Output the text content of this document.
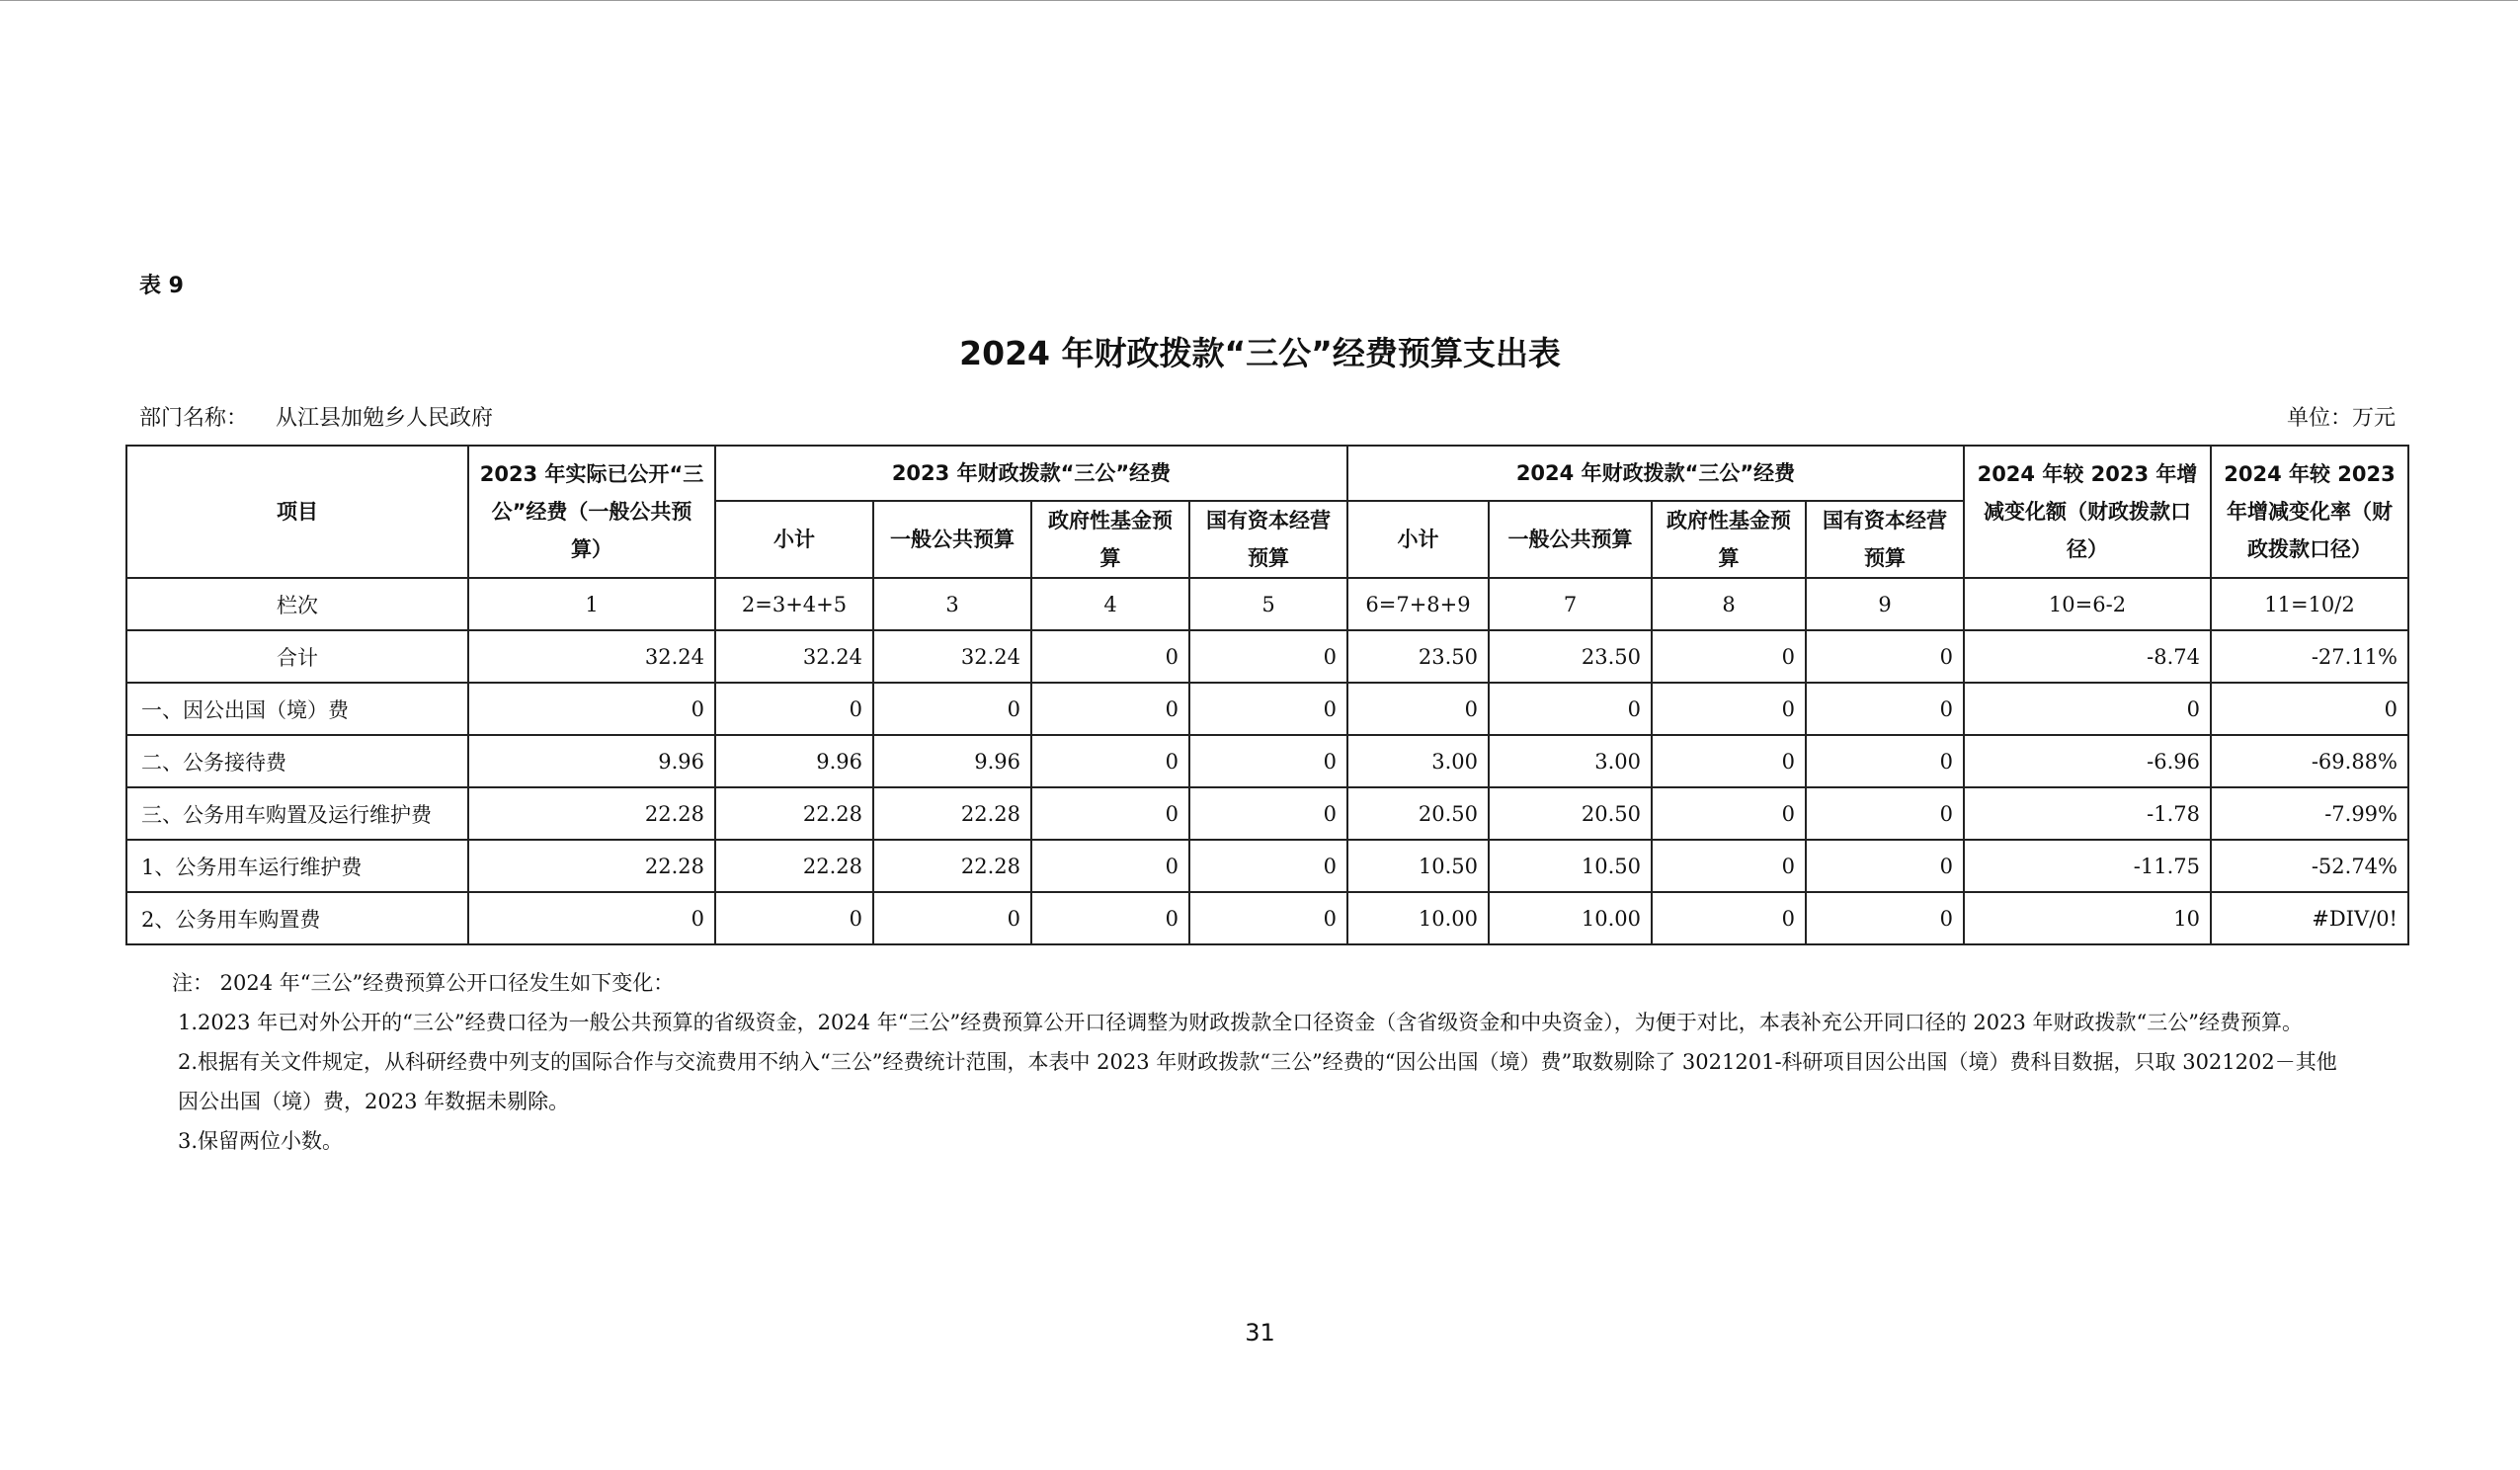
表 9
2024 年财政拨款“三公”经费预算支出表
部门名称： 从江县加勉乡人民政府	单位：万元
项目	2023 年实际已公开“三公”经费（一般公共预算）	2023 年财政拨款“三公”经费				2024 年财政拨款“三公”经费				2024 年较 2023 年增减变化额（财政拨款口径）	2024 年较 2023 年增减变化率（财政拨款口径）
		小计	一般公共预算	政府性基金预算	国有资本经营预算	小计	一般公共预算	政府性基金预算	国有资本经营预算		
栏次	1	2=3+4+5	3	4	5	6=7+8+9	7	8	9	10=6-2	11=10/2
合计	32.24	32.24	32.24	0	0	23.50	23.50	0	0	-8.74	-27.11%
一、因公出国（境）费	0	0	0	0	0	0	0	0	0	0	0
二、公务接待费	9.96	9.96	9.96	0	0	3.00	3.00	0	0	-6.96	-69.88%
三、公务用车购置及运行维护费	22.28	22.28	22.28	0	0	20.50	20.50	0	0	-1.78	-7.99%
1、公务用车运行维护费	22.28	22.28	22.28	0	0	10.50	10.50	0	0	-11.75	-52.74%
2、公务用车购置费	0	0	0	0	0	10.00	10.00	0	0	10	#DIV/0!
注： 2024 年“三公”经费预算公开口径发生如下变化：
1.2023 年已对外公开的“三公”经费口径为一般公共预算的省级资金，2024 年“三公”经费预算公开口径调整为财政拨款全口径资金（含省级资金和中央资金），为便于对比，本表补充公开同口径的 2023 年财政拨款“三公”经费预算。
2.根据有关文件规定，从科研经费中列支的国际合作与交流费用不纳入“三公”经费统计范围，本表中 2023 年财政拨款“三公”经费的“因公出国（境）费”取数剔除了 3021201-科研项目因公出国（境）费科目数据，只取 3021202－其他因公出国（境）费，2023 年数据未剔除。
3.保留两位小数。
31
